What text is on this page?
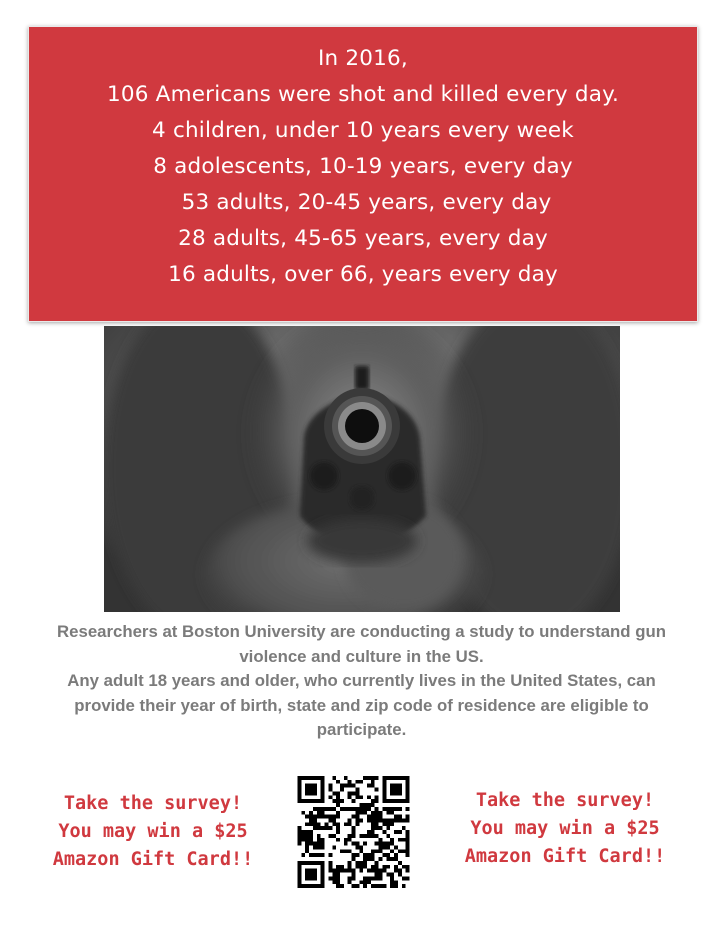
In 2016,
106 Americans were shot and killed every day.
4 children, under 10 years every week
8 adolescents, 10-19 years, every day
53 adults, 20-45 years, every day
28 adults, 45-65 years, every day
16 adults, over 66, years every day

Researchers at Boston University are conducting a study to understand gun violence and culture in the US.

Any adult 18 years and older, who currently lives in the United States, can provide their year of birth, state and zip code of residence are eligible to participate.

Take the survey!
You may win a $25
Amazon Gift Card!!
Take the survey!
You may win a $25
Amazon Gift Card!!
